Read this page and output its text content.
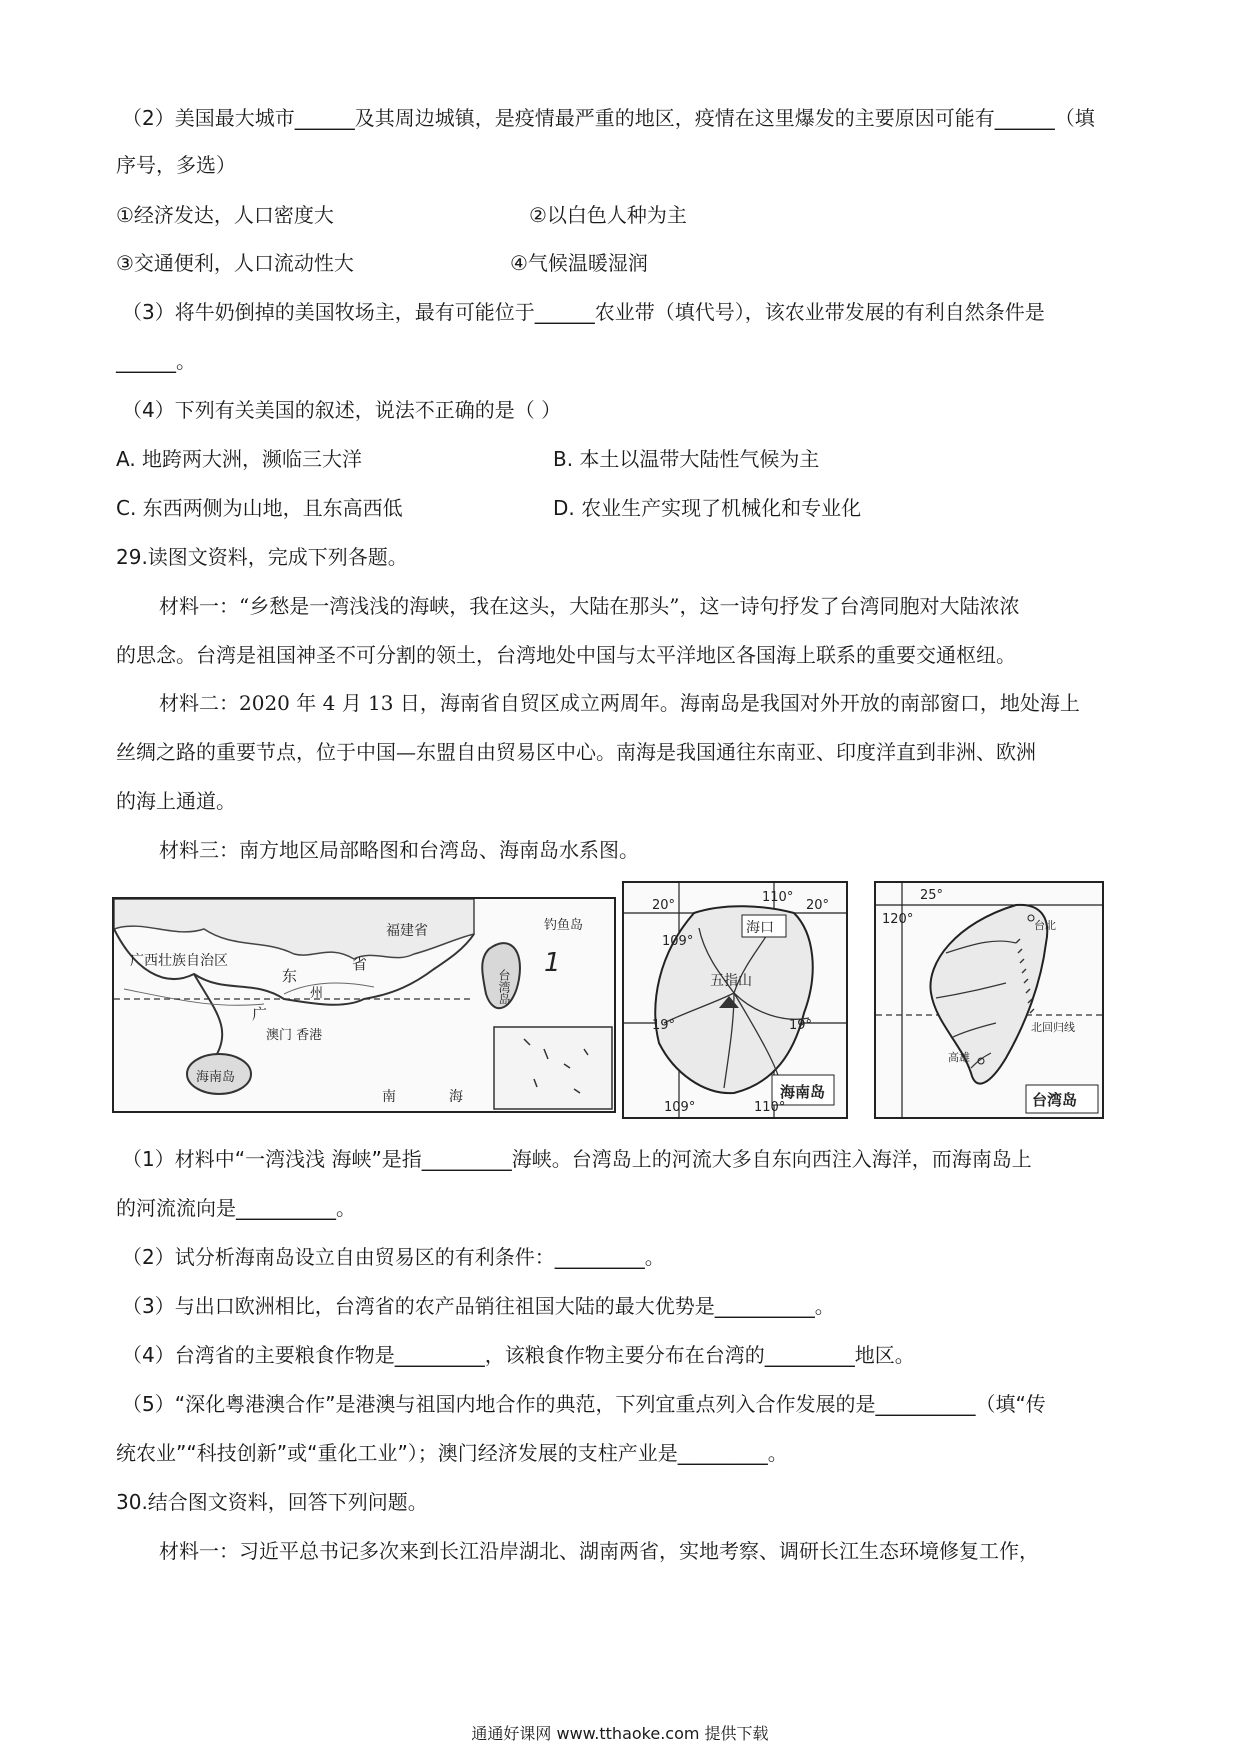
（2）美国最大城市______及其周边城镇，是疫情最严重的地区，疫情在这里爆发的主要原因可能有______（填
序号，多选）
①经济发达，人口密度大	②以白色人种为主
③交通便利，人口流动性大	④气候温暖湿润
（3）将牛奶倒掉的美国牧场主，最有可能位于______农业带（填代号），该农业带发展的有利自然条件是
______。
（4）下列有关美国的叙述，说法不正确的是（ ）
A. 地跨两大洲，濒临三大洋	B. 本土以温带大陆性气候为主
C. 东西两侧为山地，且东高西低	D. 农业生产实现了机械化和专业化
29.读图文资料，完成下列各题。
材料一：“乡愁是一湾浅浅的海峡，我在这头，大陆在那头”，这一诗句抒发了台湾同胞对大陆浓浓
的思念。台湾是祖国神圣不可分割的领土，台湾地处中国与太平洋地区各国海上联系的重要交通枢纽。
材料二：2020 年 4 月 13 日，海南省自贸区成立两周年。海南岛是我国对外开放的南部窗口，地处海上
丝绸之路的重要节点，位于中国—东盟自由贸易区中心。南海是我国通往东南亚、印度洋直到非洲、欧洲
的海上通道。
材料三：南方地区局部略图和台湾岛、海南岛水系图。
福建省
广西壮族自治区
东
省
州
广
澳门 香港
台湾岛
钓鱼岛
1
海南岛
南	海
20°
110°
海口
20°
109°
五指山
19°	19°
109°	110°
海南岛
25°
120°	台北
北回归线
高雄
台湾岛
（1）材料中“一湾浅浅 海峡”是指_________海峡。台湾岛上的河流大多自东向西注入海洋，而海南岛上
的河流流向是__________。
（2）试分析海南岛设立自由贸易区的有利条件：_________。
（3）与出口欧洲相比，台湾省的农产品销往祖国大陆的最大优势是__________。
（4）台湾省的主要粮食作物是_________，该粮食作物主要分布在台湾的_________地区。
（5）“深化粤港澳合作”是港澳与祖国内地合作的典范，下列宜重点列入合作发展的是__________（填“传
统农业”“科技创新”或“重化工业”）；澳门经济发展的支柱产业是_________。
30.结合图文资料，回答下列问题。
材料一：习近平总书记多次来到长江沿岸湖北、湖南两省，实地考察、调研长江生态环境修复工作，
通通好课网 www.tthaoke.com 提供下载
